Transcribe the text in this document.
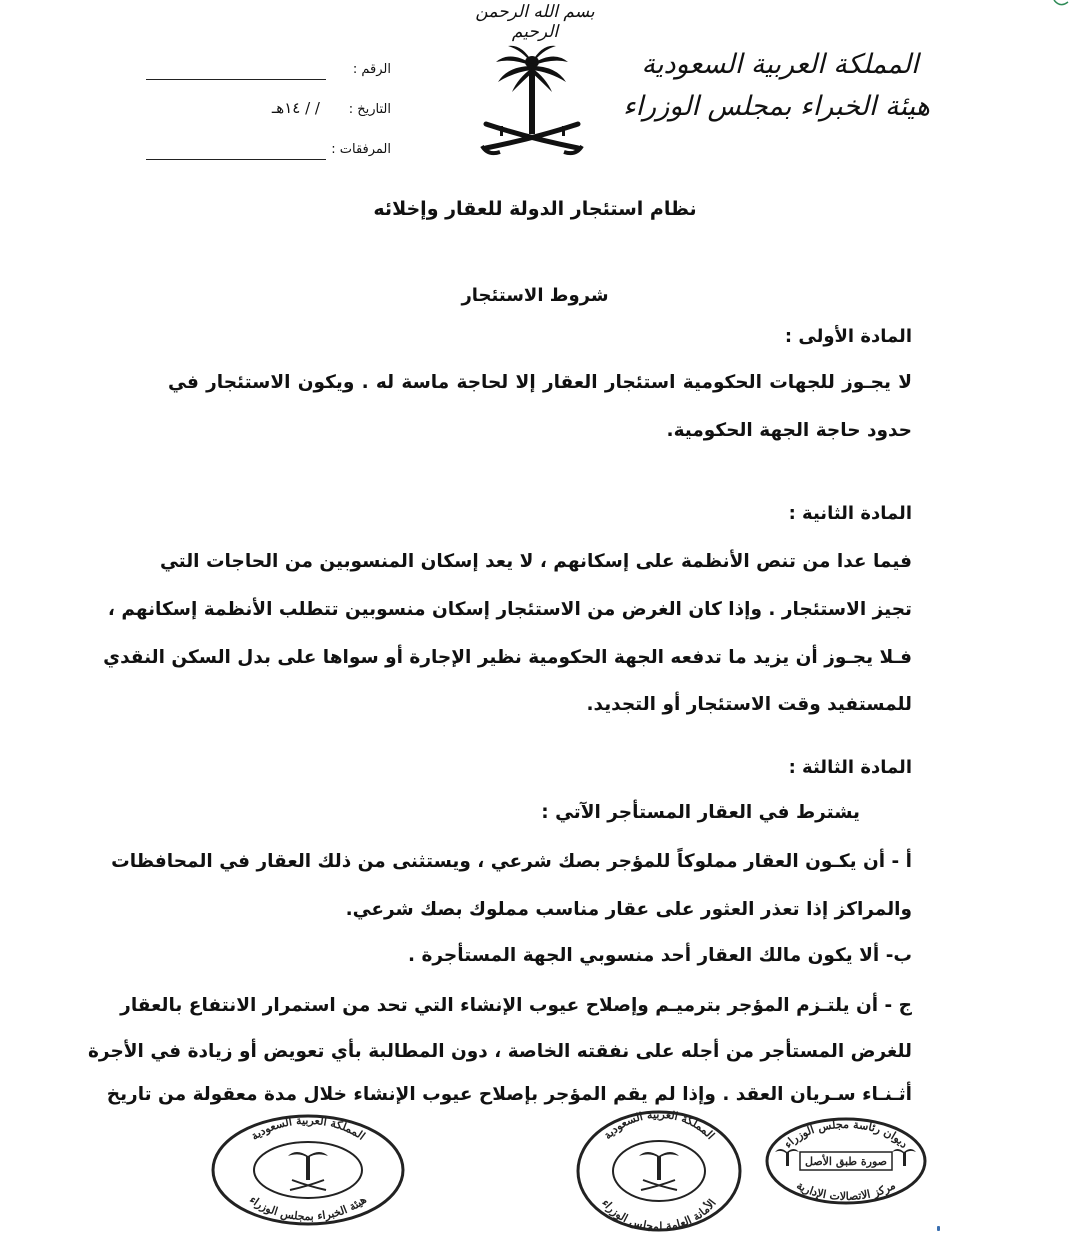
بسم الله الرحمن الرحيم
المملكة العربية السعودية
هيئة الخبراء بمجلس الوزراء
الرقم :
التاريخ :
/ / ١٤هـ
المرفقات :
نظام استئجار الدولة للعقار وإخلائه
شروط الاستئجار
المادة الأولى :
لا يجـوز للجهات الحكومية استئجار العقار إلا لحاجة ماسة له . ويكون الاستئجار في
حدود حاجة الجهة الحكومية.
المادة الثانية :
فيما عدا من تنص الأنظمة على إسكانهم ، لا يعد إسكان المنسوبين من الحاجات التي
تجيز الاستئجار . وإذا كان الغرض من الاستئجار إسكان منسوبين تتطلب الأنظمة إسكانهم ،
فـلا يجـوز أن يزيد ما تدفعه الجهة الحكومية نظير الإجارة أو سواها على بدل السكن النقدي
للمستفيد وقت الاستئجار أو التجديد.
المادة الثالثة :
يشترط في العقار المستأجر الآتي :
أ - أن يكـون العقار مملوكاً للمؤجر بصك شرعي ، ويستثنى من ذلك العقار في المحافظات
والمراكز إذا تعذر العثور على عقار مناسب مملوك بصك شرعي.
ب- ألا يكون مالك العقار أحد منسوبي الجهة المستأجرة .
ج - أن يلتـزم المؤجر بترميـم وإصلاح عيوب الإنشاء التي تحد من استمرار الانتفاع بالعقار
للغرض المستأجر من أجله على نفقته الخاصة ، دون المطالبة بأي تعويض أو زيادة في الأجرة
أثـنـاء سـريان العقد . وإذا لم يقم المؤجر بإصلاح عيوب الإنشاء خلال مدة معقولة من تاريخ
المملكة العربية السعودية
هيئة الخبراء بمجلس الوزراء
المملكة العربية السعودية
الأمانة العامة لمجلس الوزراء
ديوان رئاسة مجلس الوزراء
صورة طبق الأصل
مركز الاتصالات الإدارية
